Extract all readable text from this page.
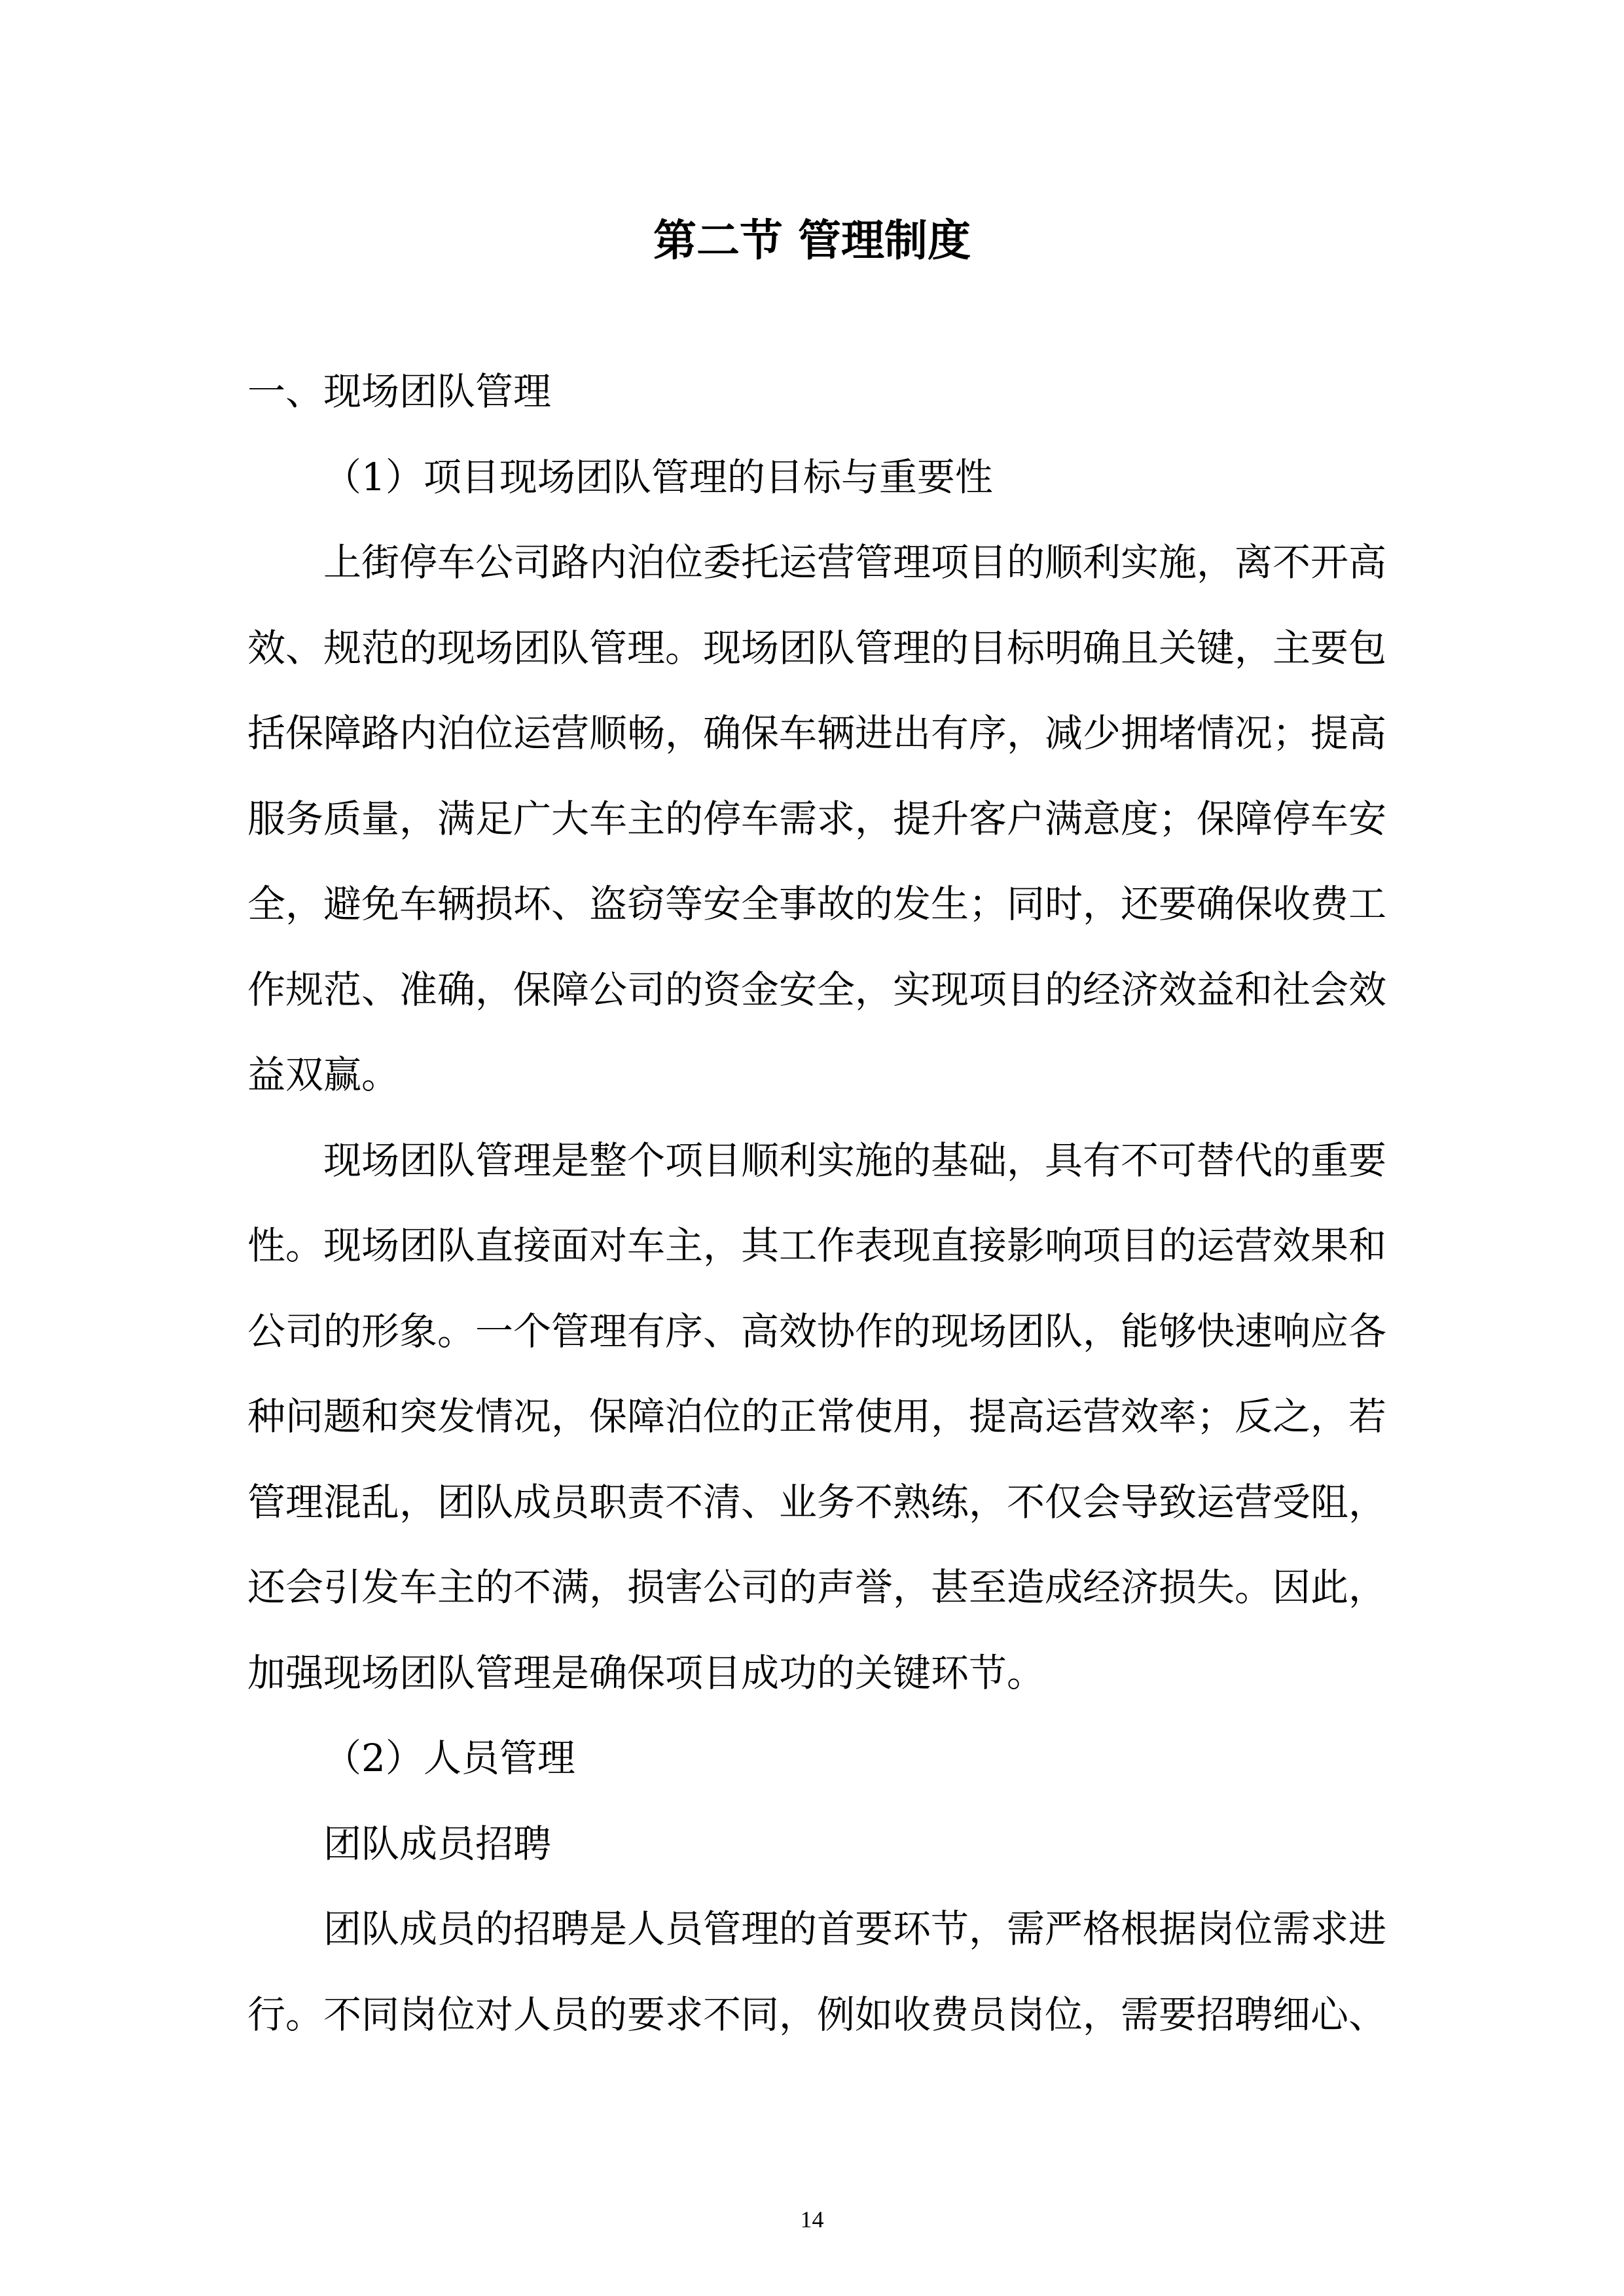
第二节 管理制度
一、现场团队管理
（1）项目现场团队管理的目标与重要性
上街停车公司路内泊位委托运营管理项目的顺利实施，离不开高
效、规范的现场团队管理。现场团队管理的目标明确且关键，主要包
括保障路内泊位运营顺畅，确保车辆进出有序，减少拥堵情况；提高
服务质量，满足广大车主的停车需求，提升客户满意度；保障停车安
全，避免车辆损坏、盗窃等安全事故的发生；同时，还要确保收费工
作规范、准确，保障公司的资金安全，实现项目的经济效益和社会效
益双赢。
现场团队管理是整个项目顺利实施的基础，具有不可替代的重要
性。现场团队直接面对车主，其工作表现直接影响项目的运营效果和
公司的形象。一个管理有序、高效协作的现场团队，能够快速响应各
种问题和突发情况，保障泊位的正常使用，提高运营效率；反之，若
管理混乱，团队成员职责不清、业务不熟练，不仅会导致运营受阻，
还会引发车主的不满，损害公司的声誉，甚至造成经济损失。因此，
加强现场团队管理是确保项目成功的关键环节。
（2）人员管理
团队成员招聘
团队成员的招聘是人员管理的首要环节，需严格根据岗位需求进
行。不同岗位对人员的要求不同，例如收费员岗位，需要招聘细心、
14
